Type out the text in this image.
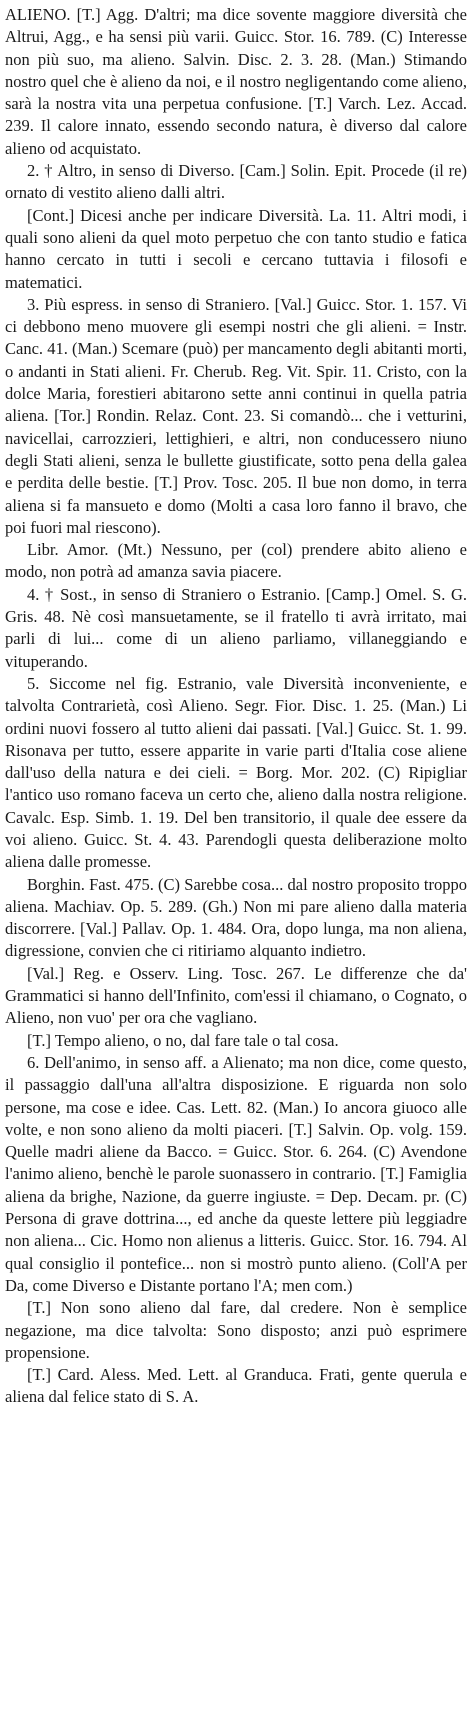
ALIENO. [T.] Agg. D'altri; ma dice sovente maggiore diversità che Altrui, Agg., e ha sensi più varii. Guicc. Stor. 16. 789. (C) Interesse non più suo, ma alieno. Salvin. Disc. 2. 3. 28. (Man.) Stimando nostro quel che è alieno da noi, e il nostro negligentando come alieno, sarà la nostra vita una perpetua confusione. [T.] Varch. Lez. Accad. 239. Il calore innato, essendo secondo natura, è diverso dal calore alieno od acquistato.

2. † Altro, in senso di Diverso. [Cam.] Solin. Epit. Procede (il re) ornato di vestito alieno dalli altri.

[Cont.] Dicesi anche per indicare Diversità. La. 11. Altri modi, i quali sono alieni da quel moto perpetuo che con tanto studio e fatica hanno cercato in tutti i secoli e cercano tuttavia i filosofi e matematici.

3. Più espress. in senso di Straniero. [Val.] Guicc. Stor. 1. 157. Vi ci debbono meno muovere gli esempi nostri che gli alieni. = Instr. Canc. 41. (Man.) Scemare (può) per mancamento degli abitanti morti, o andanti in Stati alieni. Fr. Cherub. Reg. Vit. Spir. 11. Cristo, con la dolce Maria, forestieri abitarono sette anni continui in quella patria aliena. [Tor.] Rondin. Relaz. Cont. 23. Si comandò... che i vetturini, navicellai, carrozzieri, lettighieri, e altri, non conducessero niuno degli Stati alieni, senza le bullette giustificate, sotto pena della galea e perdita delle bestie. [T.] Prov. Tosc. 205. Il bue non domo, in terra aliena si fa mansueto e domo (Molti a casa loro fanno il bravo, che poi fuori mal riescono).

Libr. Amor. (Mt.) Nessuno, per (col) prendere abito alieno e modo, non potrà ad amanza savia piacere.

4. † Sost., in senso di Straniero o Estranio. [Camp.] Omel. S. G. Gris. 48. Nè così mansuetamente, se il fratello ti avrà irritato, mai parli di lui... come di un alieno parliamo, villaneggiando e vituperando.

5. Siccome nel fig. Estranio, vale Diversità inconveniente, e talvolta Contrarietà, così Alieno. Segr. Fior. Disc. 1. 25. (Man.) Li ordini nuovi fossero al tutto alieni dai passati. [Val.] Guicc. St. 1. 99. Risonava per tutto, essere apparite in varie parti d'Italia cose aliene dall'uso della natura e dei cieli. = Borg. Mor. 202. (C) Ripigliar l'antico uso romano faceva un certo che, alieno dalla nostra religione. Cavalc. Esp. Simb. 1. 19. Del ben transitorio, il quale dee essere da voi alieno. Guicc. St. 4. 43. Parendogli questa deliberazione molto aliena dalle promesse.

Borghin. Fast. 475. (C) Sarebbe cosa... dal nostro proposito troppo aliena. Machiav. Op. 5. 289. (Gh.) Non mi pare alieno dalla materia discorrere. [Val.] Pallav. Op. 1. 484. Ora, dopo lunga, ma non aliena, digressione, convien che ci ritiriamo alquanto indietro.

[Val.] Reg. e Osserv. Ling. Tosc. 267. Le differenze che da' Grammatici si hanno dell'Infinito, com'essi il chiamano, o Cognato, o Alieno, non vuo' per ora che vagliano.

[T.] Tempo alieno, o no, dal fare tale o tal cosa.

6. Dell'animo, in senso aff. a Alienato; ma non dice, come questo, il passaggio dall'una all'altra disposizione. E riguarda non solo persone, ma cose e idee. Cas. Lett. 82. (Man.) Io ancora giuoco alle volte, e non sono alieno da molti piaceri. [T.] Salvin. Op. volg. 159. Quelle madri aliene da Bacco. = Guicc. Stor. 6. 264. (C) Avendone l'animo alieno, benchè le parole suonassero in contrario. [T.] Famiglia aliena da brighe, Nazione, da guerre ingiuste. = Dep. Decam. pr. (C) Persona di grave dottrina..., ed anche da queste lettere più leggiadre non aliena... Cic. Homo non alienus a litteris. Guicc. Stor. 16. 794. Al qual consiglio il pontefice... non si mostrò punto alieno. (Coll'A per Da, come Diverso e Distante portano l'A; men com.)

[T.] Non sono alieno dal fare, dal credere. Non è semplice negazione, ma dice talvolta: Sono disposto; anzi può esprimere propensione.

[T.] Card. Aless. Med. Lett. al Granduca. Frati, gente querula e aliena dal felice stato di S. A.
